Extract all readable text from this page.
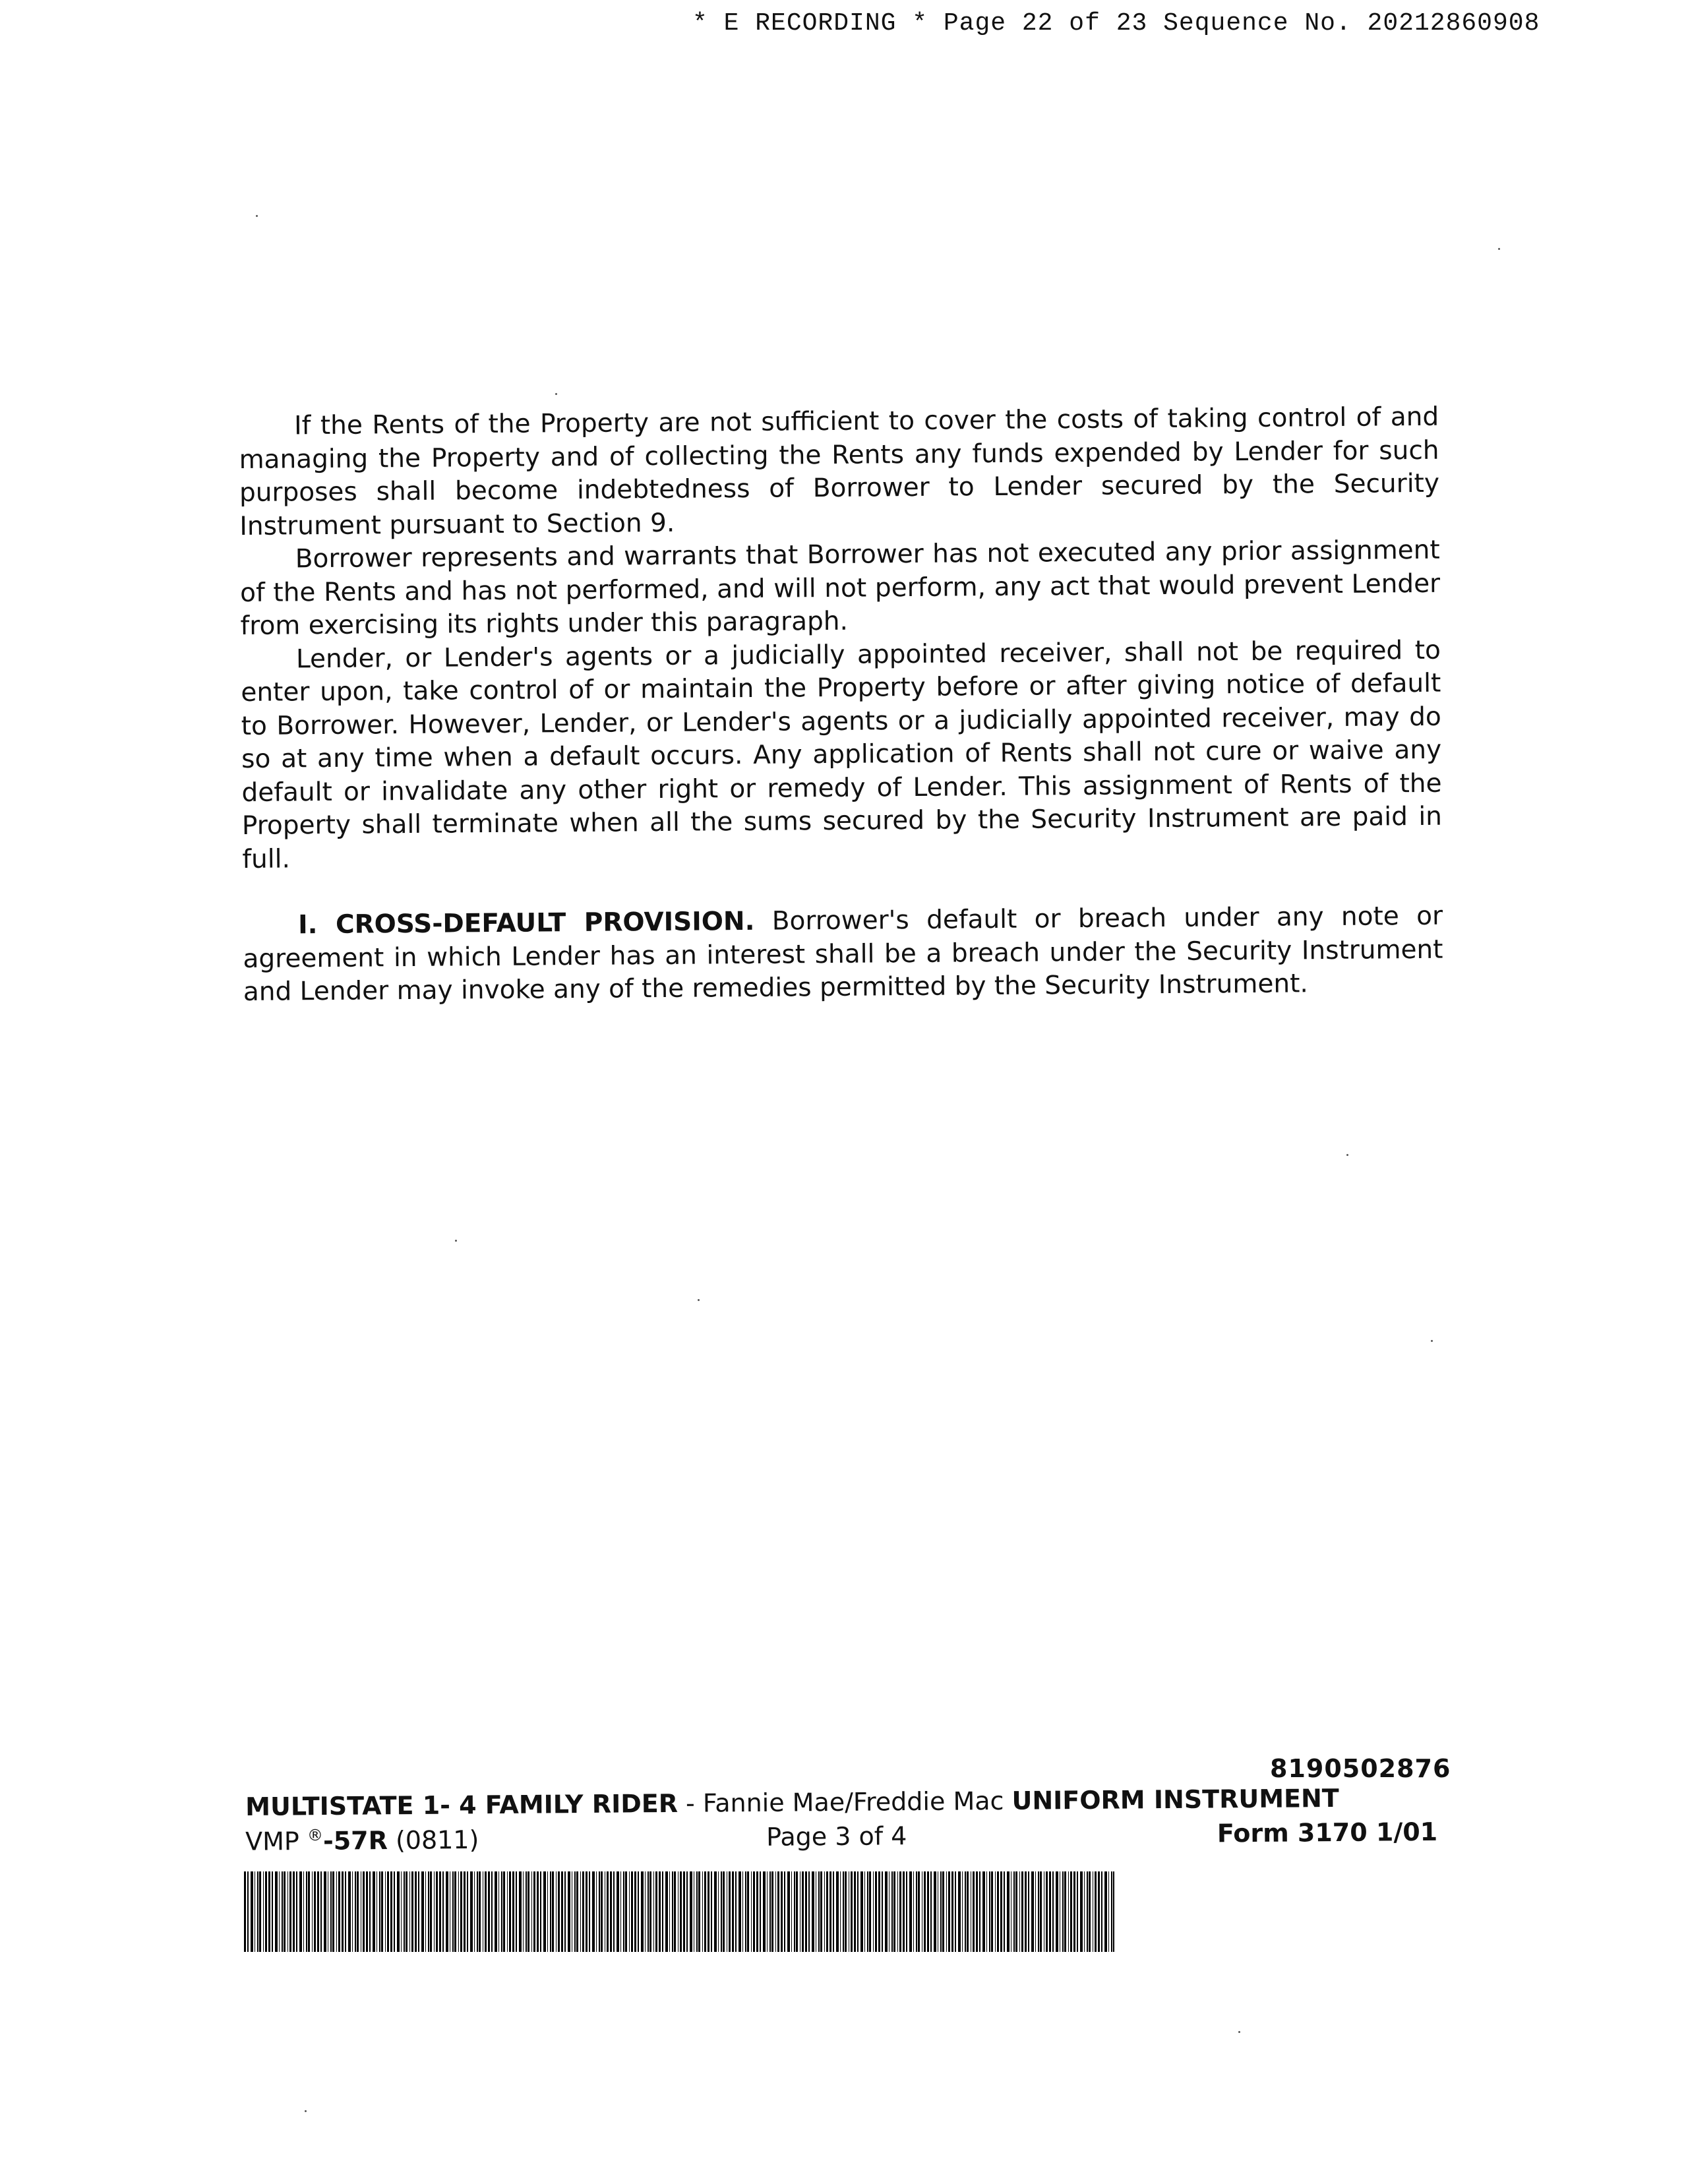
* E RECORDING * Page 22 of 23 Sequence No. 20212860908

If the Rents of the Property are not sufficient to cover the costs of taking control of and managing the Property and of collecting the Rents any funds expended by Lender for such purposes shall become indebtedness of Borrower to Lender secured by the Security Instrument pursuant to Section 9.

Borrower represents and warrants that Borrower has not executed any prior assignment of the Rents and has not performed, and will not perform, any act that would prevent Lender from exercising its rights under this paragraph.

Lender, or Lender's agents or a judicially appointed receiver, shall not be required to enter upon, take control of or maintain the Property before or after giving notice of default to Borrower. However, Lender, or Lender's agents or a judicially appointed receiver, may do so at any time when a default occurs. Any application of Rents shall not cure or waive any default or invalidate any other right or remedy of Lender. This assignment of Rents of the Property shall terminate when all the sums secured by the Security Instrument are paid in full.

I. CROSS-DEFAULT PROVISION. Borrower's default or breach under any note or agreement in which Lender has an interest shall be a breach under the Security Instrument and Lender may invoke any of the remedies permitted by the Security Instrument.

8190502876
MULTISTATE 1- 4 FAMILY RIDER - Fannie Mae/Freddie Mac UNIFORM INSTRUMENT
VMP ®-57R (0811)	Page 3 of 4	Form 3170 1/01
